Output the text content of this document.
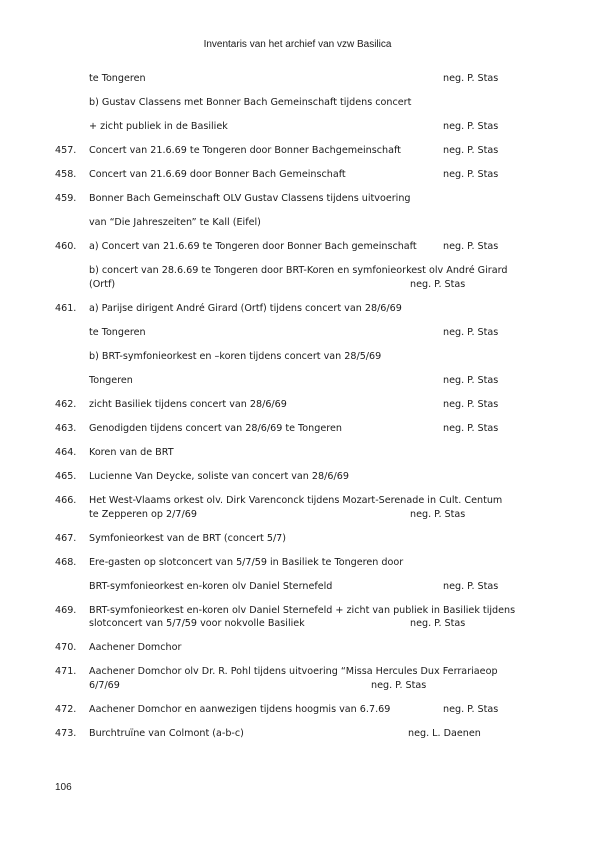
Inventaris van het archief van vzw Basilica
te Tongeren	neg. P. Stas
b) Gustav Classens met Bonner Bach Gemeinschaft tijdens concert
+ zicht publiek in de Basiliek	neg. P. Stas
457. Concert van 21.6.69 te Tongeren door Bonner Bachgemeinschaft	neg. P. Stas
458. Concert van 21.6.69 door Bonner Bach Gemeinschaft	neg. P. Stas
459. Bonner Bach Gemeinschaft OLV Gustav Classens tijdens uitvoering
van “Die Jahreszeiten” te Kall (Eifel)
460. a) Concert van 21.6.69 te Tongeren door Bonner Bach gemeinschaft	neg. P. Stas
b) concert van 28.6.69 te Tongeren door BRT-Koren en symfonieorkest olv André Girard
(Ortf)	neg. P. Stas
461. a) Parijse dirigent André Girard (Ortf) tijdens concert van 28/6/69
te Tongeren	neg. P. Stas
b) BRT-symfonieorkest en –koren tijdens concert van 28/5/69
Tongeren	neg. P. Stas
462. zicht Basiliek tijdens concert van 28/6/69	neg. P. Stas
463. Genodigden tijdens concert van 28/6/69 te Tongeren	neg. P. Stas
464. Koren van de BRT
465. Lucienne Van Deycke, soliste van concert van 28/6/69
466. Het West-Vlaams orkest olv. Dirk Varenconck tijdens Mozart-Serenade in Cult. Centum
te Zepperen op 2/7/69	neg. P. Stas
467. Symfonieorkest van de BRT (concert 5/7)
468. Ere-gasten op slotconcert van 5/7/59 in Basiliek te Tongeren door
BRT-symfonieorkest en-koren olv Daniel Sternefeld	neg. P. Stas
469. BRT-symfonieorkest en-koren olv Daniel Sternefeld + zicht van publiek in Basiliek tijdens
slotconcert van 5/7/59 voor nokvolle Basiliek	neg. P. Stas
470. Aachener Domchor
471. Aachener Domchor olv Dr. R. Pohl tijdens uitvoering “Missa Hercules Dux Ferrariaeop
6/7/69	neg. P. Stas
472. Aachener Domchor en aanwezigen tijdens hoogmis van 6.7.69	neg. P. Stas
473. Burchtruïne van Colmont (a-b-c)	neg. L. Daenen
106
